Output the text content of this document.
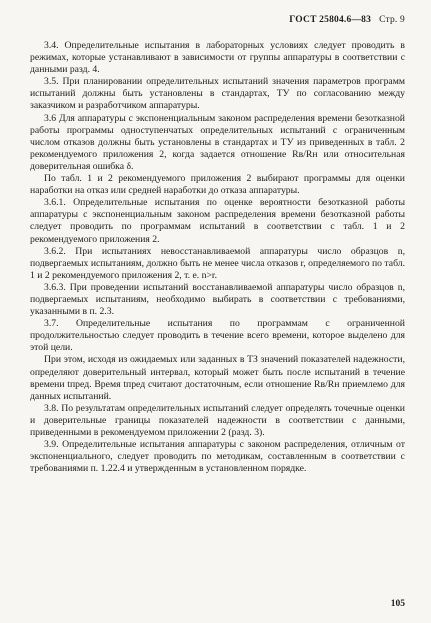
ГОСТ 25804.6—83 Стр. 9

3.4. Определительные испытания в лабораторных условиях следует проводить в режимах, которые устанавливают в зависимости от группы аппаратуры в соответствии с данными разд. 4.

3.5. При планировании определительных испытаний значения параметров программ испытаний должны быть установлены в стандартах, ТУ по согласованию между заказчиком и разработчиком аппаратуры.

3.6 Для аппаратуры с экспоненциальным законом распределения времени безотказной работы программы одноступенчатых определительных испытаний с ограниченным числом отказов должны быть установлены в стандартах и ТУ из приведенных в табл. 2 рекомендуемого приложения 2, когда задается отношение Rв/Rн или относительная доверительная ошибка δ.

По табл. 1 и 2 рекомендуемого приложения 2 выбирают программы для оценки наработки на отказ или средней наработки до отказа аппаратуры.

3.6.1. Определительные испытания по оценке вероятности безотказной работы аппаратуры с экспоненциальным законом распределения времени безотказной работы следует проводить по программам испытаний в соответствии с табл. 1 и 2 рекомендуемого приложения 2.

3.6.2. При испытаниях невосстанавливаемой аппаратуры число образцов n, подвергаемых испытаниям, должно быть не менее числа отказов r, определяемого по табл. 1 и 2 рекомендуемого приложения 2, т. е. n>r.

3.6.3. При проведении испытаний восстанавливаемой аппаратуры число образцов n, подвергаемых испытаниям, необходимо выбирать в соответствии с требованиями, указанными в п. 2.3.

3.7. Определительные испытания по программам с ограниченной продолжительностью следует проводить в течение всего времени, которое выделено для этой цели.

При этом, исходя из ожидаемых или заданных в ТЗ значений показателей надежности, определяют доверительный интервал, который может быть после испытаний в течение времени tпред. Время tпред считают достаточным, если отношение Rв/Rн приемлемо для данных испытаний.

3.8. По результатам определительных испытаний следует определять точечные оценки и доверительные границы показателей надежности в соответствии с данными, приведенными в рекомендуемом приложении 2 (разд. 3).

3.9. Определительные испытания аппаратуры с законом распределения, отличным от экспоненциального, следует проводить по методикам, составленным в соответствии с требованиями п. 1.22.4 и утвержденным в установленном порядке.

105
